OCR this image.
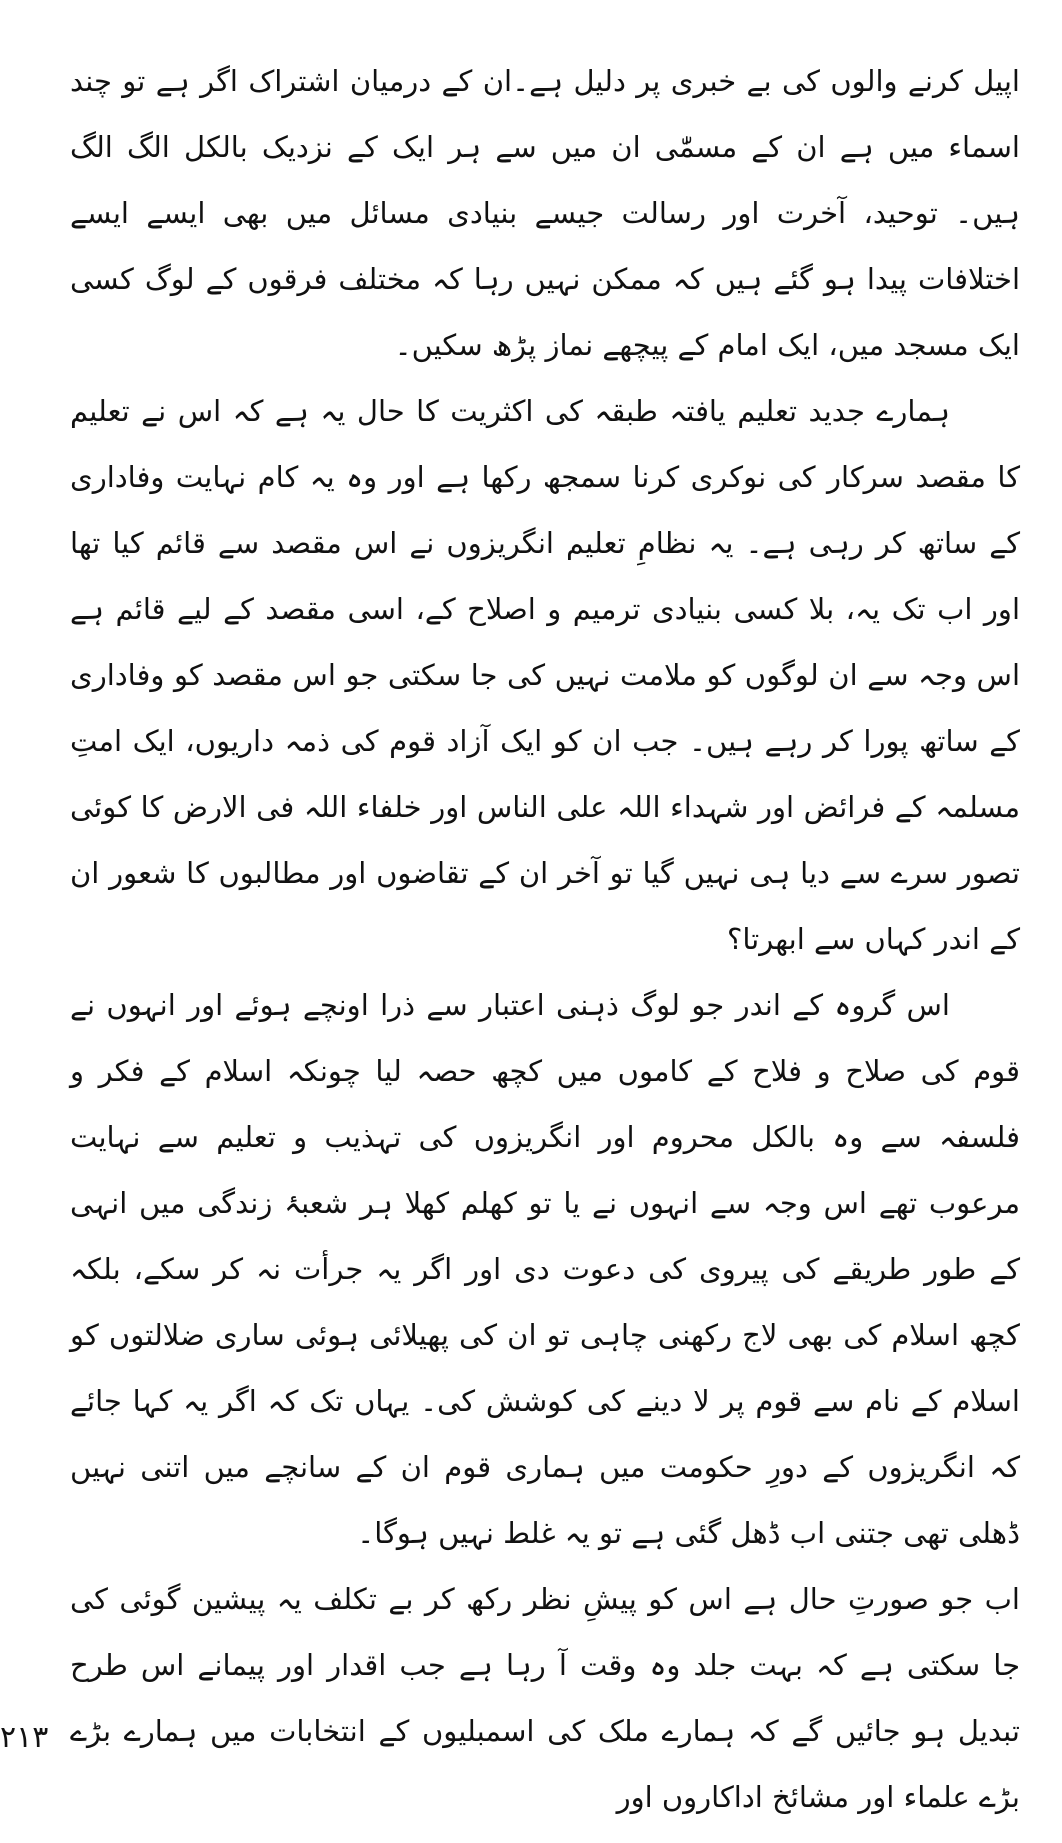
اپیل کرنے والوں کی بے خبری پر دلیل ہے۔ان کے درمیان اشتراک اگر ہے تو چند اسماء میں ہے ان کے مسمّٰی ان میں سے ہر ایک کے نزدیک بالکل الگ الگ ہیں۔ توحید، آخرت اور رسالت جیسے بنیادی مسائل میں بھی ایسے ایسے اختلافات پیدا ہو گئے ہیں کہ ممکن نہیں رہا کہ مختلف فرقوں کے لوگ کسی ایک مسجد میں، ایک امام کے پیچھے نماز پڑھ سکیں۔

ہمارے جدید تعلیم یافتہ طبقہ کی اکثریت کا حال یہ ہے کہ اس نے تعلیم کا مقصد سرکار کی نوکری کرنا سمجھ رکھا ہے اور وہ یہ کام نہایت وفاداری کے ساتھ کر رہی ہے۔ یہ نظامِ تعلیم انگریزوں نے اس مقصد سے قائم کیا تھا اور اب تک یہ، بلا کسی بنیادی ترمیم و اصلاح کے، اسی مقصد کے لیے قائم ہے اس وجہ سے ان لوگوں کو ملامت نہیں کی جا سکتی جو اس مقصد کو وفاداری کے ساتھ پورا کر رہے ہیں۔ جب ان کو ایک آزاد قوم کی ذمہ داریوں، ایک امتِ مسلمہ کے فرائض اور شہداء اللہ علی الناس اور خلفاء اللہ فی الارض کا کوئی تصور سرے سے دیا ہی نہیں گیا تو آخر ان کے تقاضوں اور مطالبوں کا شعور ان کے اندر کہاں سے ابھرتا؟

اس گروہ کے اندر جو لوگ ذہنی اعتبار سے ذرا اونچے ہوئے اور انہوں نے قوم کی صلاح و فلاح کے کاموں میں کچھ حصہ لیا چونکہ اسلام کے فکر و فلسفہ سے وہ بالکل محروم اور انگریزوں کی تہذیب و تعلیم سے نہایت مرعوب تھے اس وجہ سے انہوں نے یا تو کھلم کھلا ہر شعبۂ زندگی میں انہی کے طور طریقے کی پیروی کی دعوت دی اور اگر یہ جرأت نہ کر سکے، بلکہ کچھ اسلام کی بھی لاج رکھنی چاہی تو ان کی پھیلائی ہوئی ساری ضلالتوں کو اسلام کے نام سے قوم پر لا دینے کی کوشش کی۔ یہاں تک کہ اگر یہ کہا جائے کہ انگریزوں کے دورِ حکومت میں ہماری قوم ان کے سانچے میں اتنی نہیں ڈھلی تھی جتنی اب ڈھل گئی ہے تو یہ غلط نہیں ہوگا۔

اب جو صورتِ حال ہے اس کو پیشِ نظر رکھ کر بے تکلف یہ پیشین گوئی کی جا سکتی ہے کہ بہت جلد وہ وقت آ رہا ہے جب اقدار اور پیمانے اس طرح تبدیل ہو جائیں گے کہ ہمارے ملک کی اسمبلیوں کے انتخابات میں ہمارے بڑے بڑے علماء اور مشائخ اداکاروں اور

۲۱۳
